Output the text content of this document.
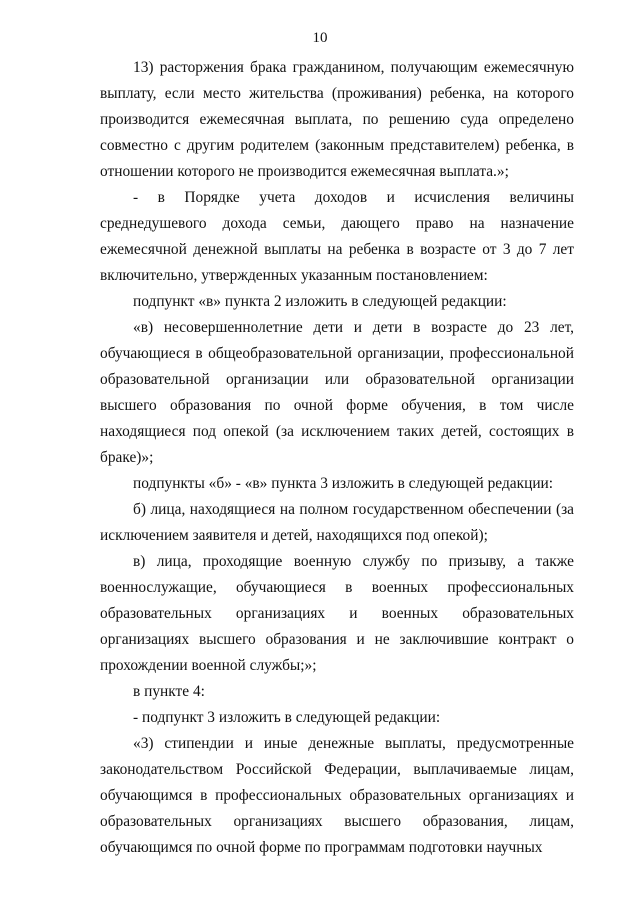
10

13) расторжения брака гражданином, получающим ежемесячную выплату, если место жительства (проживания) ребенка, на которого производится ежемесячная выплата, по решению суда определено совместно с другим родителем (законным представителем) ребенка, в отношении которого не производится ежемесячная выплата.»;

- в Порядке учета доходов и исчисления величины среднедушевого дохода семьи, дающего право на назначение ежемесячной денежной выплаты на ребенка в возрасте от 3 до 7 лет включительно, утвержденных указанным постановлением:

подпункт «в» пункта 2 изложить в следующей редакции:

«в) несовершеннолетние дети и дети в возрасте до 23 лет, обучающиеся в общеобразовательной организации, профессиональной образовательной организации или образовательной организации высшего образования по очной форме обучения, в том числе находящиеся под опекой (за исключением таких детей, состоящих в браке)»;

подпункты «б» - «в» пункта 3 изложить в следующей редакции:

б) лица, находящиеся на полном государственном обеспечении (за исключением заявителя и детей, находящихся под опекой);

в) лица, проходящие военную службу по призыву, а также военнослужащие, обучающиеся в военных профессиональных образовательных организациях и военных образовательных организациях высшего образования и не заключившие контракт о прохождении военной службы;»;

в пункте 4:

- подпункт 3 изложить в следующей редакции:

«3) стипендии и иные денежные выплаты, предусмотренные законодательством Российской Федерации, выплачиваемые лицам, обучающимся в профессиональных образовательных организациях и образовательных организациях высшего образования, лицам, обучающимся по очной форме по программам подготовки научных
